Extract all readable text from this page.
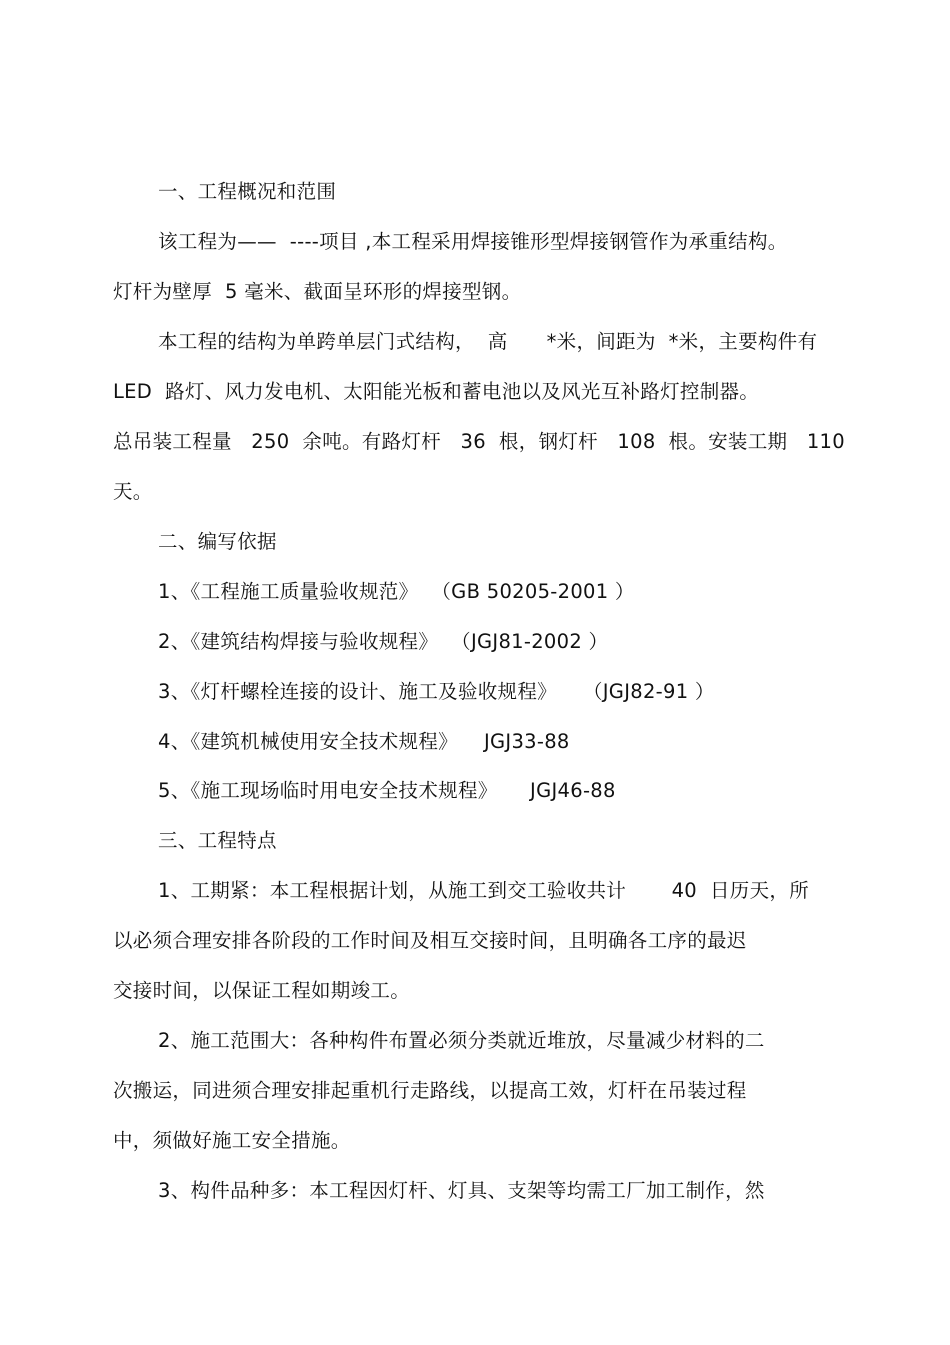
一、工程概况和范围
该工程为——  ----项目 ,本工程采用焊接锥形型焊接钢管作为承重结构。
灯杆为壁厚  5 毫米、截面呈环形的焊接型钢。
本工程的结构为单跨单层门式结构，  高      *米，间距为  *米，主要构件有
LED  路灯、风力发电机、太阳能光板和蓄电池以及风光互补路灯控制器。
总吊装工程量   250  余吨。有路灯杆   36  根，钢灯杆   108  根。安装工期   110
天。
二、编写依据
1、《工程施工质量验收规范》  （GB 50205-2001 ）
2、《建筑结构焊接与验收规程》  （JGJ81-2002 ）
3、《灯杆螺栓连接的设计、施工及验收规程》    （JGJ82-91 ）
4、《建筑机械使用安全技术规程》    JGJ33-88
5、《施工现场临时用电安全技术规程》     JGJ46-88
三、工程特点
1、工期紧：本工程根据计划，从施工到交工验收共计       40  日历天，所
以必须合理安排各阶段的工作时间及相互交接时间，且明确各工序的最迟
交接时间，以保证工程如期竣工。
2、施工范围大：各种构件布置必须分类就近堆放，尽量减少材料的二
次搬运，同进须合理安排起重机行走路线，以提高工效，灯杆在吊装过程
中，须做好施工安全措施。
3、构件品种多：本工程因灯杆、灯具、支架等均需工厂加工制作，然
